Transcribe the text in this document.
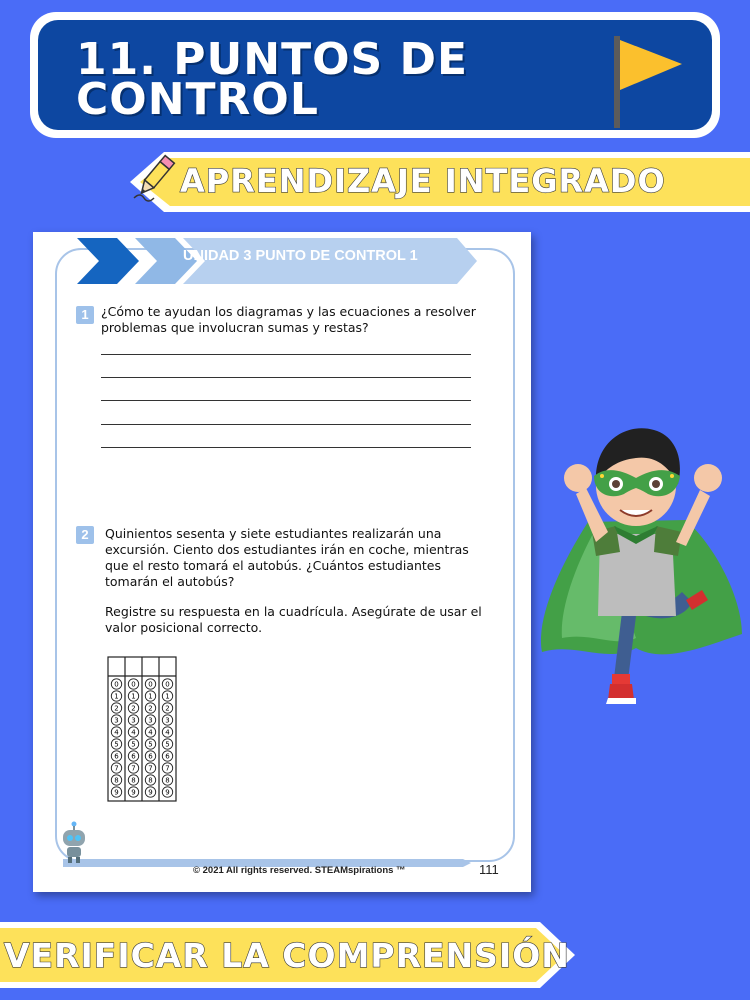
11. PUNTOS DE CONTROL
APRENDIZAJE INTEGRADO
UNIDAD 3 PUNTO DE CONTROL 1
1 ¿Cómo te ayudan los diagramas y las ecuaciones a resolver problemas que involucran sumas y restas?

2	Quinientos sesenta y siete estudiantes realizarán una excursión. Ciento dos estudiantes irán en coche, mientras que el resto tomará el autobús. ¿Cuántos estudiantes tomarán el autobús?

Registre su respuesta en la cuadrícula. Asegúrate de usar el valor posicional correcto.

0 0 0 0
1 1 1 1
2 2 2 2
3 3 3 3
4 4 4 4
5 5 5 5
6 6 6 6
7 7 7 7
8 8 8 8
9 9 9 9
© 2021 All rights reserved. STEAMspirations ™	111
VERIFICAR LA COMPRENSIÓN
